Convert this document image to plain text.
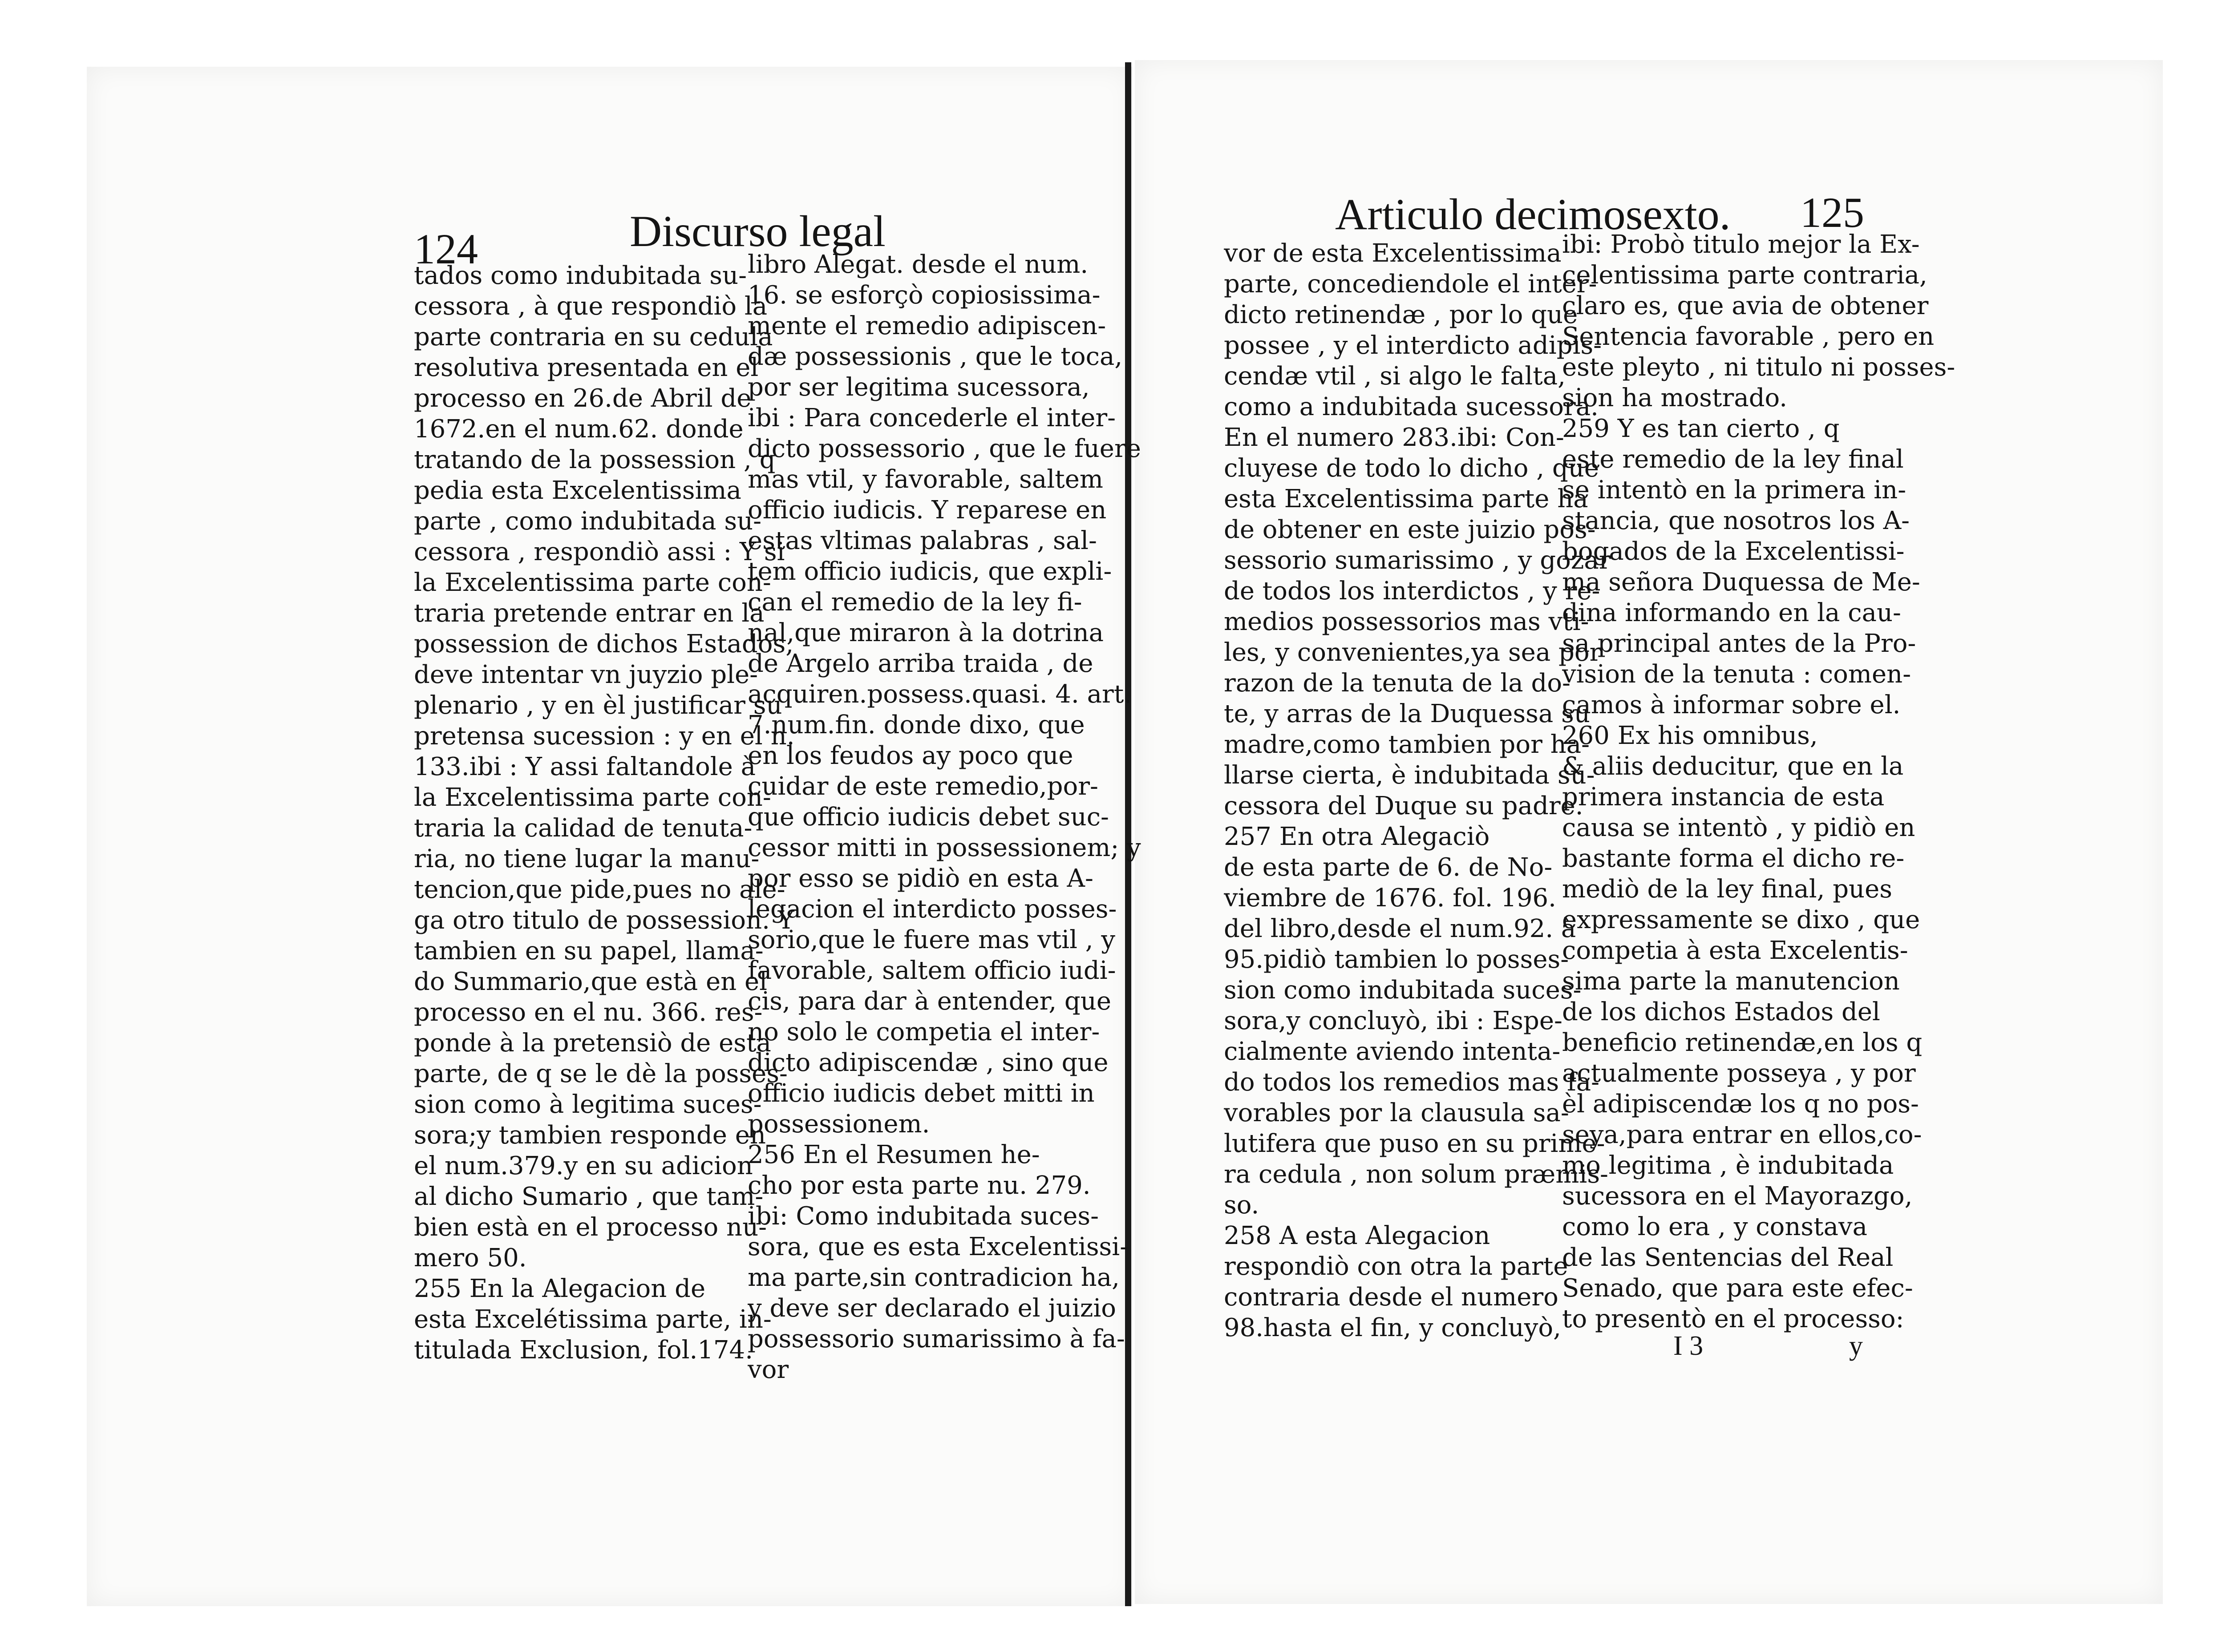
124	Discurso legal	Articulo decimosexto. 125
tados como indubitada su-
cessora , à que respondiò la
parte contraria en su cedula
resolutiva presentada en el
processo en 26.de Abril de
1672.en el num.62. donde
tratando de la possession , q
pedia esta Excelentissima
parte , como indubitada su-
cessora , respondiò assi : Y si
la Excelentissima parte con-
traria pretende entrar en la
possession de dichos Estados,
deve intentar vn juyzio ple-
plenario , y en èl justificar su
pretensa sucession : y en el n.
133.ibi : Y assi faltandole à
la Excelentissima parte con-
traria la calidad de tenuta-
ria, no tiene lugar la manu-
tencion,que pide,pues no ale-
ga otro titulo de possession. Y
tambien en su papel, llama-
do Summario,que està en el
processo en el nu. 366. res-
ponde à la pretensiò de esta
parte, de q se le dè la posses-
sion como à legitima suces-
sora;y tambien responde en
el num.379.y en su adicion
al dicho Sumario , que tam-
bien està en el processo nu-
mero 50.
255 En la Alegacion de
esta Excelétissima parte, in-
titulada Exclusion, fol.174.
libro Alegat. desde el num.
16. se esforçò copiosissima-
mente el remedio adipiscen-
dæ possessionis , que le toca,
por ser legitima sucessora,
ibi : Para concederle el inter-
dicto possessorio , que le fuere
mas vtil, y favorable, saltem
officio iudicis. Y reparese en
estas vltimas palabras , sal-
tem officio iudicis, que expli-
can el remedio de la ley fi-
nal,que miraron à la dotrina
de Argelo arriba traida , de
acquiren.possess.quasi. 4. art.
7.num.fin. donde dixo, que
en los feudos ay poco que
cuidar de este remedio,por-
que officio iudicis debet suc-
cessor mitti in possessionem; y
por esso se pidiò en esta A-
legacion el interdicto posses-
sorio,que le fuere mas vtil , y
favorable, saltem officio iudi-
cis, para dar à entender, que
no solo le competia el inter-
dicto adipiscendæ , sino que
officio iudicis debet mitti in
possessionem.
256 En el Resumen he-
cho por esta parte nu. 279.
ibi: Como indubitada suces-
sora, que es esta Excelentissi-
ma parte,sin contradicion ha,
y deve ser declarado el juizio
possessorio sumarissimo à fa-
vor
vor de esta Excelentissima
parte, concediendole el inter-
dicto retinendæ , por lo que
possee , y el interdicto adipis-
cendæ vtil , si algo le falta,
como a indubitada sucessora.
En el numero 283.ibi: Con-
cluyese de todo lo dicho , que
esta Excelentissima parte ha
de obtener en este juizio pos-
sessorio sumarissimo , y gozar
de todos los interdictos , y re-
medios possessorios mas vti-
les, y convenientes,ya sea por
razon de la tenuta de la do-
te, y arras de la Duquessa su
madre,como tambien por ha-
llarse cierta, è indubitada su-
cessora del Duque su padre.
257 En otra Alegaciò
de esta parte de 6. de No-
viembre de 1676. fol. 196.
del libro,desde el num.92. à
95.pidiò tambien lo posses-
sion como indubitada suces-
sora,y concluyò, ibi : Espe-
cialmente aviendo intenta-
do todos los remedios mas fa-
vorables por la clausula sa-
lutifera que puso en su prime-
ra cedula , non solum præmis-
so.
258 A esta Alegacion
respondiò con otra la parte
contraria desde el numero
98.hasta el fin, y concluyò,
ibi: Probò titulo mejor la Ex-
celentissima parte contraria,
claro es, que avia de obtener
Sentencia favorable , pero en
este pleyto , ni titulo ni posses-
sion ha mostrado.
259 Y es tan cierto , q
este remedio de la ley final
se intentò en la primera in-
stancia, que nosotros los A-
bogados de la Excelentissi-
ma señora Duquessa de Me-
dina informando en la cau-
sa principal antes de la Pro-
vision de la tenuta : comen-
çamos à informar sobre el.
260 Ex his omnibus,
& aliis deducitur, que en la
primera instancia de esta
causa se intentò , y pidiò en
bastante forma el dicho re-
mediò de la ley final, pues
expressamente se dixo , que
competia à esta Excelentis-
sima parte la manutencion
de los dichos Estados del
beneficio retinendæ,en los q
actualmente posseya , y por
èl adipiscendæ los q no pos-
seya,para entrar en ellos,co-
mo legitima , è indubitada
sucessora en el Mayorazgo,
como lo era , y constava
de las Sentencias del Real
Senado, que para este efec-
to presentò en el processo:
I 3	y
